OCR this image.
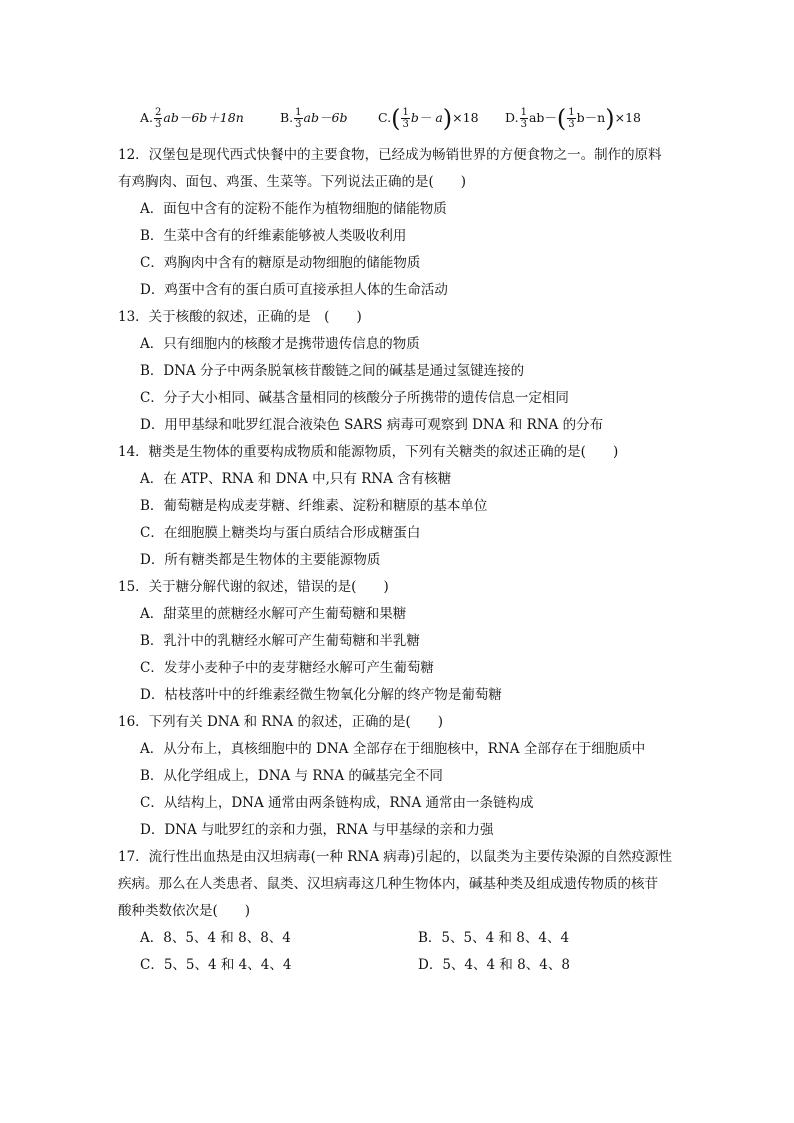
A. $\frac{2}{3} ab-6b+18n$	B. $\frac{1}{3} ab-6b$ $C.( \frac{1}{3} b- a)\times 18$ D. $\frac{1}{3} ab-( \frac{1}{3} b-n)\times 18$
12．汉堡包是现代西式快餐中的主要食物，已经成为畅销世界的方便食物之一。制作的原料
有鸡胸肉、面包、鸡蛋、生菜等。下列说法正确的是(　　)
A．面包中含有的淀粉不能作为植物细胞的储能物质
B．生菜中含有的纤维素能够被人类吸收利用
C．鸡胸肉中含有的糖原是动物细胞的储能物质
D．鸡蛋中含有的蛋白质可直接承担人体的生命活动
13．关于核酸的叙述，正确的是　(　　)
A．只有细胞内的核酸才是携带遗传信息的物质
B．DNA 分子中两条脱氧核苷酸链之间的碱基是通过氢键连接的
C．分子大小相同、碱基含量相同的核酸分子所携带的遗传信息一定相同
D．用甲基绿和吡罗红混合液染色 SARS 病毒可观察到 DNA 和 RNA 的分布
14．糖类是生物体的重要构成物质和能源物质，下列有关糖类的叙述正确的是(　　)
A．在 ATP、RNA 和 DNA 中,只有 RNA 含有核糖
B．葡萄糖是构成麦芽糖、纤维素、淀粉和糖原的基本单位
C．在细胞膜上糖类均与蛋白质结合形成糖蛋白
D．所有糖类都是生物体的主要能源物质
15．关于糖分解代谢的叙述，错误的是(　　)
A．甜菜里的蔗糖经水解可产生葡萄糖和果糖
B．乳汁中的乳糖经水解可产生葡萄糖和半乳糖
C．发芽小麦种子中的麦芽糖经水解可产生葡萄糖
D．枯枝落叶中的纤维素经微生物氧化分解的终产物是葡萄糖
16．下列有关 DNA 和 RNA 的叙述，正确的是(　　)
A．从分布上，真核细胞中的 DNA 全部存在于细胞核中，RNA 全部存在于细胞质中
B．从化学组成上，DNA 与 RNA 的碱基完全不同
C．从结构上，DNA 通常由两条链构成，RNA 通常由一条链构成
D．DNA 与吡罗红的亲和力强，RNA 与甲基绿的亲和力强
17．流行性出血热是由汉坦病毒(一种 RNA 病毒)引起的，以鼠类为主要传染源的自然疫源性
疾病。那么在人类患者、鼠类、汉坦病毒这几种生物体内，碱基种类及组成遗传物质的核苷
酸种类数依次是(　　)
A．8、5、4 和 8、8、4	B．5、5、4 和 8、4、4
C．5、5、4 和 4、4、4	D．5、4、4 和 8、4、8
